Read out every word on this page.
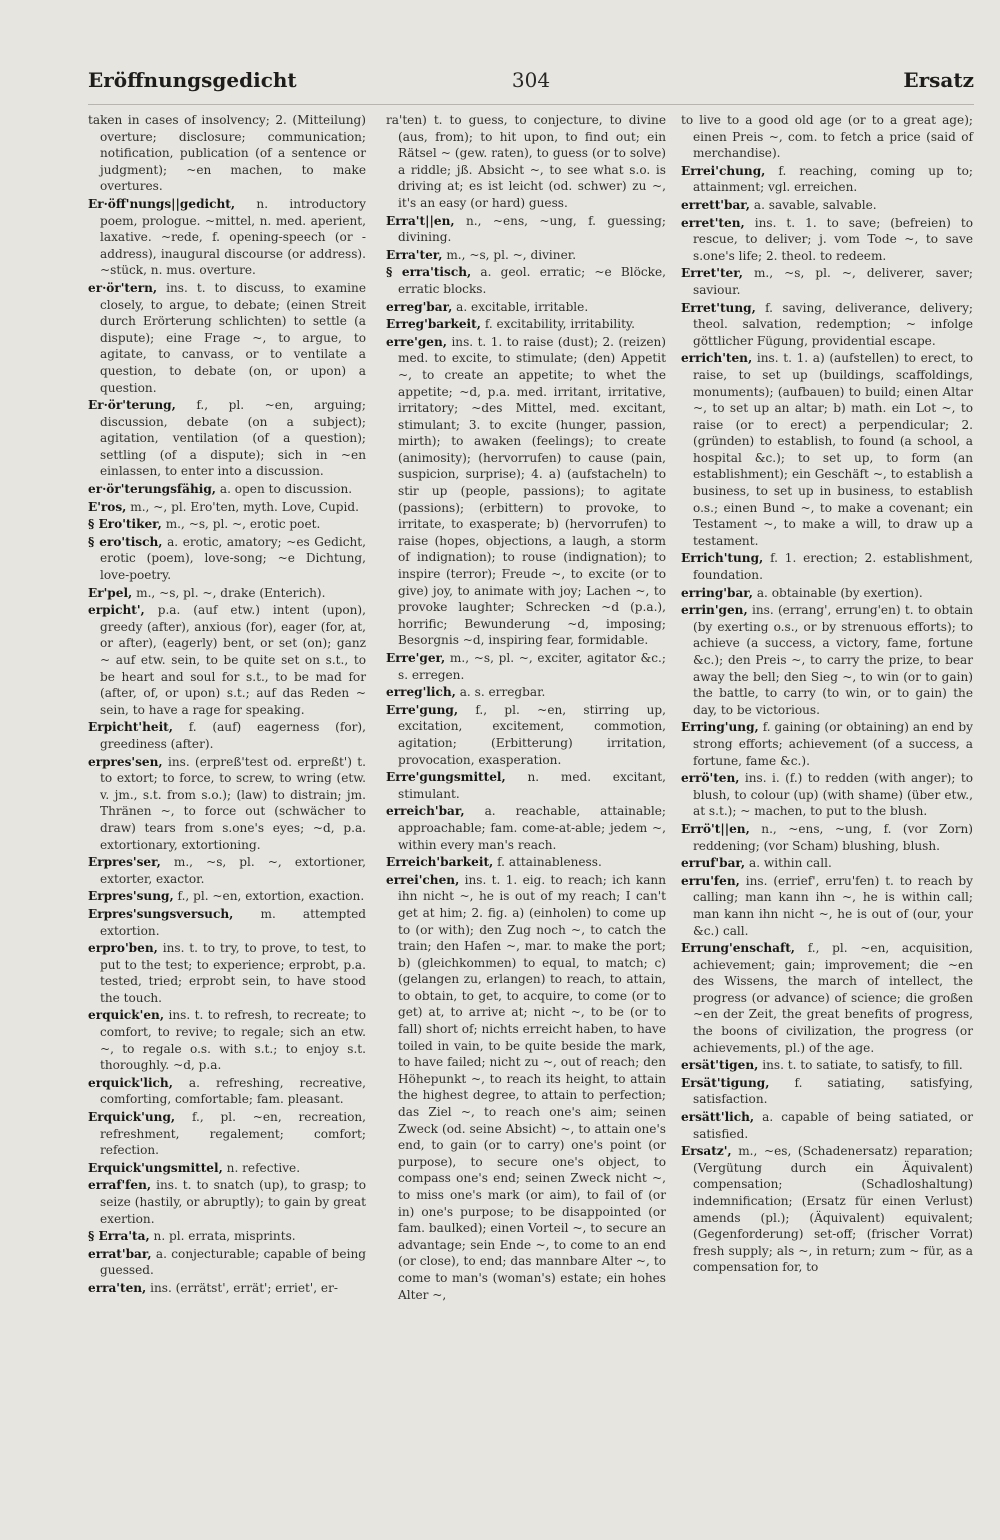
Eröffnungsgedicht	304	Ersatz

taken in cases of insolvency; 2. (Mitteilung) overture; disclosure; communication; notification, publication (of a sentence or judgment); ~en machen, to make overtures.

Er·öff'nungs||gedicht, n. introductory poem, prologue. ~mittel, n. med. aperient, laxative. ~rede, f. opening-speech (or -address), inaugural discourse (or address). ~stück, n. mus. overture.

er·ör'tern, ins. t. to discuss, to examine closely, to argue, to debate; (einen Streit durch Erörterung schlichten) to settle (a dispute); eine Frage ~, to argue, to agitate, to canvass, or to ventilate a question, to debate (on, or upon) a question.

Er·ör'terung, f., pl. ~en, arguing; discussion, debate (on a subject); agitation, ventilation (of a question); settling (of a dispute); sich in ~en einlassen, to enter into a discussion.

er·ör'terungsfähig, a. open to discussion.

E'ros, m., ~, pl. Ero'ten, myth. Love, Cupid.

§ Ero'tiker, m., ~s, pl. ~, erotic poet.

§ ero'tisch, a. erotic, amatory; ~es Gedicht, erotic (poem), love-song; ~e Dichtung, love-poetry.

Er'pel, m., ~s, pl. ~, drake (Enterich).

erpicht', p.a. (auf etw.) intent (upon), greedy (after), anxious (for), eager (for, at, or after), (eagerly) bent, or set (on); ganz ~ auf etw. sein, to be quite set on s.t., to be heart and soul for s.t., to be mad for (after, of, or upon) s.t.; auf das Reden ~ sein, to have a rage for speaking.

Erpicht'heit, f. (auf) eagerness (for), greediness (after).

erpres'sen, ins. (erpreß'test od. erpreßt') t. to extort; to force, to screw, to wring (etw. v. jm., s.t. from s.o.); (law) to distrain; jm. Thränen ~, to force out (schwächer to draw) tears from s.one's eyes; ~d, p.a. extortionary, extortioning.

Erpres'ser, m., ~s, pl. ~, extortioner, extorter, exactor.

Erpres'sung, f., pl. ~en, extortion, exaction.

Erpres'sungsversuch, m. attempted extortion.

erpro'ben, ins. t. to try, to prove, to test, to put to the test; to experience; erprobt, p.a. tested, tried; erprobt sein, to have stood the touch.

erquick'en, ins. t. to refresh, to recreate; to comfort, to revive; to regale; sich an etw. ~, to regale o.s. with s.t.; to enjoy s.t. thoroughly. ~d, p.a.

erquick'lich, a. refreshing, recreative, comforting, comfortable; fam. pleasant.

Erquick'ung, f., pl. ~en, recreation, refreshment, regalement; comfort; refection.

Erquick'ungsmittel, n. refective.

erraf'fen, ins. t. to snatch (up), to grasp; to seize (hastily, or abruptly); to gain by great exertion.

§ Erra'ta, n. pl. errata, misprints.

errat'bar, a. conjecturable; capable of being guessed.

erra'ten, ins. (errätst', errät'; erriet', er-

ra'ten) t. to guess, to conjecture, to divine (aus, from); to hit upon, to find out; ein Rätsel ~ (gew. raten), to guess (or to solve) a riddle; jß. Absicht ~, to see what s.o. is driving at; es ist leicht (od. schwer) zu ~, it's an easy (or hard) guess.

Erra't||en, n., ~ens, ~ung, f. guessing; divining.

Erra'ter, m., ~s, pl. ~, diviner.

§ erra'tisch, a. geol. erratic; ~e Blöcke, erratic blocks.

erreg'bar, a. excitable, irritable.

Erreg'barkeit, f. excitability, irritability.

erre'gen, ins. t. 1. to raise (dust); 2. (reizen) med. to excite, to stimulate; (den) Appetit ~, to create an appetite; to whet the appetite; ~d, p.a. med. irritant, irritative, irritatory; ~des Mittel, med. excitant, stimulant; 3. to excite (hunger, passion, mirth); to awaken (feelings); to create (animosity); (hervorrufen) to cause (pain, suspicion, surprise); 4. a) (aufstacheln) to stir up (people, passions); to agitate (passions); (erbittern) to provoke, to irritate, to exasperate; b) (hervorrufen) to raise (hopes, objections, a laugh, a storm of indignation); to rouse (indignation); to inspire (terror); Freude ~, to excite (or to give) joy, to animate with joy; Lachen ~, to provoke laughter; Schrecken ~d (p.a.), horrific; Bewunderung ~d, imposing; Besorgnis ~d, inspiring fear, formidable.

Erre'ger, m., ~s, pl. ~, exciter, agitator &c.; s. erregen.

erreg'lich, a. s. erregbar.

Erre'gung, f., pl. ~en, stirring up, excitation, excitement, commotion, agitation; (Erbitterung) irritation, provocation, exasperation.

Erre'gungsmittel, n. med. excitant, stimulant.

erreich'bar, a. reachable, attainable; approachable; fam. come-at-able; jedem ~, within every man's reach.

Erreich'barkeit, f. attainableness.

errei'chen, ins. t. 1. eig. to reach; ich kann ihn nicht ~, he is out of my reach; I can't get at him; 2. fig. a) (einholen) to come up to (or with); den Zug noch ~, to catch the train; den Hafen ~, mar. to make the port; b) (gleichkommen) to equal, to match; c) (gelangen zu, erlangen) to reach, to attain, to obtain, to get, to acquire, to come (or to get) at, to arrive at; nicht ~, to be (or to fall) short of; nichts erreicht haben, to have toiled in vain, to be quite beside the mark, to have failed; nicht zu ~, out of reach; den Höhepunkt ~, to reach its height, to attain the highest degree, to attain to perfection; das Ziel ~, to reach one's aim; seinen Zweck (od. seine Absicht) ~, to attain one's end, to gain (or to carry) one's point (or purpose), to secure one's object, to compass one's end; seinen Zweck nicht ~, to miss one's mark (or aim), to fail of (or in) one's purpose; to be disappointed (or fam. baulked); einen Vorteil ~, to secure an advantage; sein Ende ~, to come to an end (or close), to end; das mannbare Alter ~, to come to man's (woman's) estate; ein hohes Alter ~,

to live to a good old age (or to a great age); einen Preis ~, com. to fetch a price (said of merchandise).

Errei'chung, f. reaching, coming up to; attainment; vgl. erreichen.

errett'bar, a. savable, salvable.

erret'ten, ins. t. 1. to save; (befreien) to rescue, to deliver; j. vom Tode ~, to save s.one's life; 2. theol. to redeem.

Erret'ter, m., ~s, pl. ~, deliverer, saver; saviour.

Erret'tung, f. saving, deliverance, delivery; theol. salvation, redemption; ~ infolge göttlicher Fügung, providential escape.

errich'ten, ins. t. 1. a) (aufstellen) to erect, to raise, to set up (buildings, scaffoldings, monuments); (aufbauen) to build; einen Altar ~, to set up an altar; b) math. ein Lot ~, to raise (or to erect) a perpendicular; 2. (gründen) to establish, to found (a school, a hospital &c.); to set up, to form (an establishment); ein Geschäft ~, to establish a business, to set up in business, to establish o.s.; einen Bund ~, to make a covenant; ein Testament ~, to make a will, to draw up a testament.

Errich'tung, f. 1. erection; 2. establishment, foundation.

erring'bar, a. obtainable (by exertion).

errin'gen, ins. (errang', errung'en) t. to obtain (by exerting o.s., or by strenuous efforts); to achieve (a success, a victory, fame, fortune &c.); den Preis ~, to carry the prize, to bear away the bell; den Sieg ~, to win (or to gain) the battle, to carry (to win, or to gain) the day, to be victorious.

Erring'ung, f. gaining (or obtaining) an end by strong efforts; achievement (of a success, a fortune, fame &c.).

errö'ten, ins. i. (f.) to redden (with anger); to blush, to colour (up) (with shame) (über etw., at s.t.); ~ machen, to put to the blush.

Errö't||en, n., ~ens, ~ung, f. (vor Zorn) reddening; (vor Scham) blushing, blush.

erruf'bar, a. within call.

erru'fen, ins. (errief', erru'fen) t. to reach by calling; man kann ihn ~, he is within call; man kann ihn nicht ~, he is out of (our, your &c.) call.

Errung'enschaft, f., pl. ~en, acquisition, achievement; gain; improvement; die ~en des Wissens, the march of intellect, the progress (or advance) of science; die großen ~en der Zeit, the great benefits of progress, the boons of civilization, the progress (or achievements, pl.) of the age.

ersät'tigen, ins. t. to satiate, to satisfy, to fill.

Ersät'tigung, f. satiating, satisfying, satisfaction.

ersätt'lich, a. capable of being satiated, or satisfied.

Ersatz', m., ~es, (Schadenersatz) reparation; (Vergütung durch ein Äquivalent) compensation; (Schadloshaltung) indemnification; (Ersatz für einen Verlust) amends (pl.); (Äquivalent) equivalent; (Gegenforderung) set-off; (frischer Vorrat) fresh supply; als ~, in return; zum ~ für, as a compensation for, to
